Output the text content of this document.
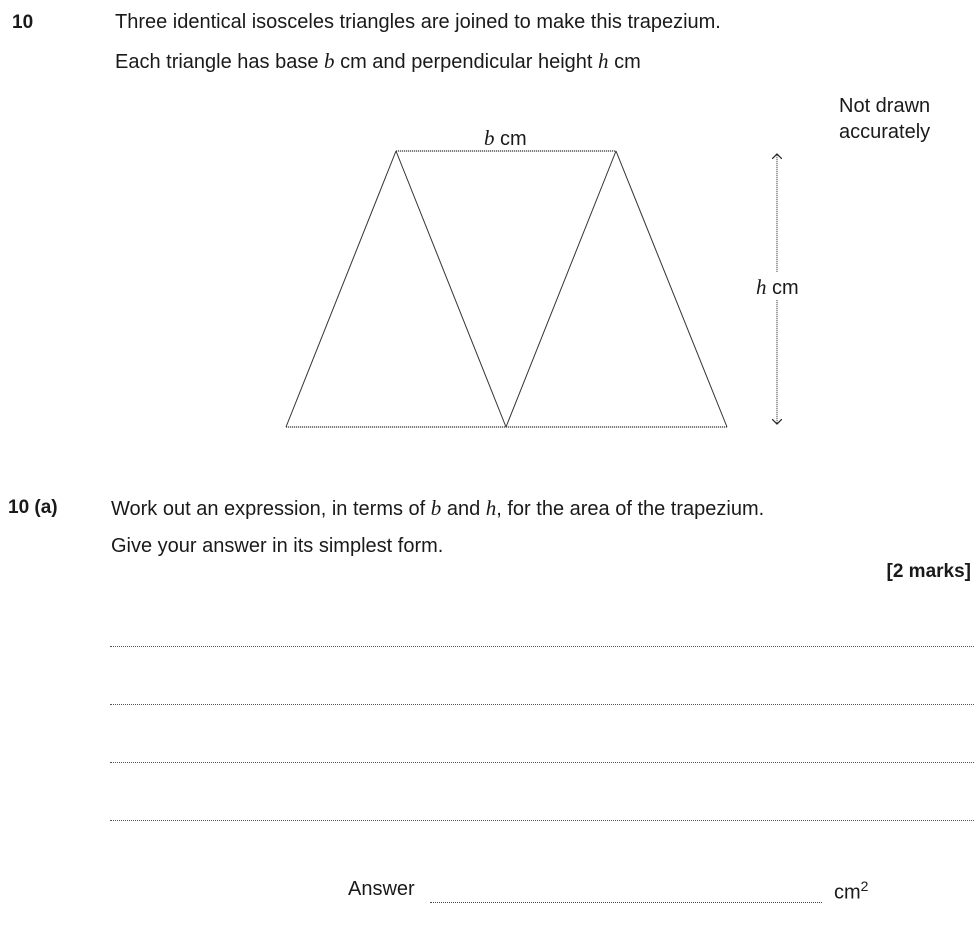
10	Three identical isosceles triangles are joined to make this trapezium.
Each triangle has base b cm and perpendicular height h cm
Not drawn
accurately
b cm
h cm
10 (a)	Work out an expression, in terms of b and h, for the area of the trapezium.
Give your answer in its simplest form.
[2 marks]
Answer	$cm^2$
